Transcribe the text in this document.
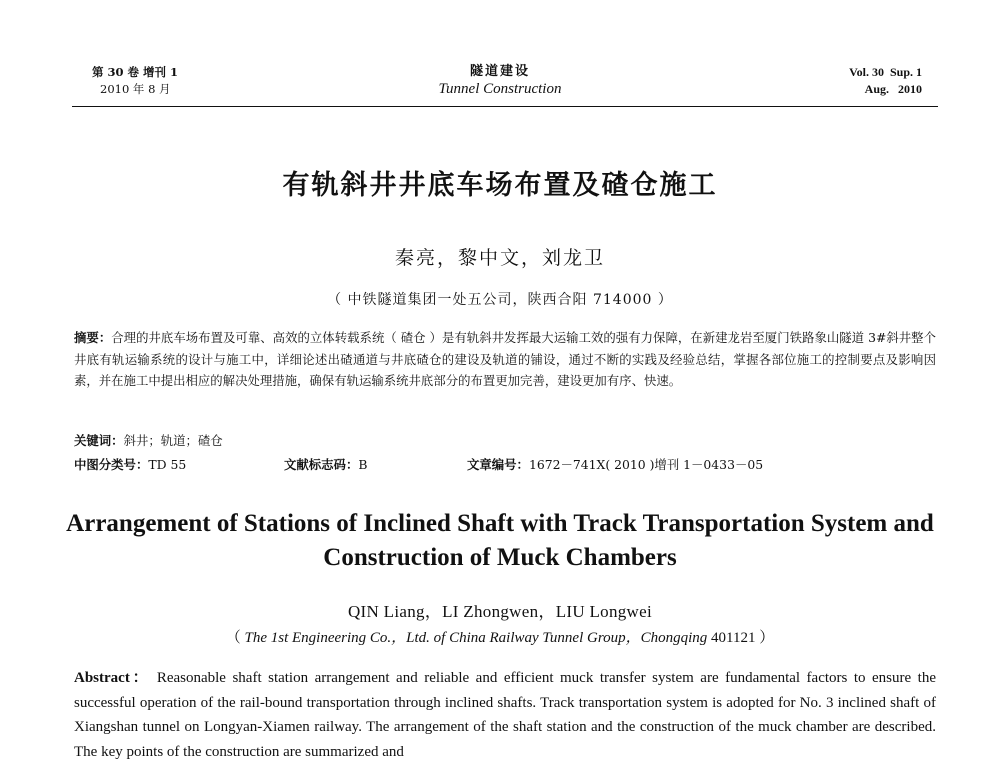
第 30 卷 增刊 1
2010 年 8 月
隧道建设
Tunnel Construction
Vol. 30 Sup. 1
Aug. 2010
有轨斜井井底车场布置及碴仓施工
秦亮，黎中文，刘龙卫
（ 中铁隧道集团一处五公司，陕西合阳 714000 ）
摘要：合理的井底车场布置及可靠、高效的立体转载系统（ 碴仓 ）是有轨斜井发挥最大运输工效的强有力保障，在新建龙岩至厦门铁路象山隧道 3#斜井整个井底有轨运输系统的设计与施工中，详细论述出碴通道与井底碴仓的建设及轨道的铺设，通过不断的实践及经验总结，掌握各部位施工的控制要点及影响因素，并在施工中提出相应的解决处理措施，确保有轨运输系统井底部分的布置更加完善，建设更加有序、快速。
关键词：斜井；轨道；碴仓
中图分类号：TD 55	文献标志码：B	文章编号：1672－741X( 2010 )增刊 1－0433－05
Arrangement of Stations of Inclined Shaft with Track Transportation System and Construction of Muck Chambers
QIN Liang，LI Zhongwen，LIU Longwei
（ The 1st Engineering Co.，Ltd. of China Railway Tunnel Group，Chongqing 401121 ）
Abstract： Reasonable shaft station arrangement and reliable and efficient muck transfer system are fundamental factors to ensure the successful operation of the rail-bound transportation through inclined shafts. Track transportation system is adopted for No. 3 inclined shaft of Xiangshan tunnel on Longyan-Xiamen railway. The arrangement of the shaft station and the construction of the muck chamber are described. The key points of the construction are summarized and
